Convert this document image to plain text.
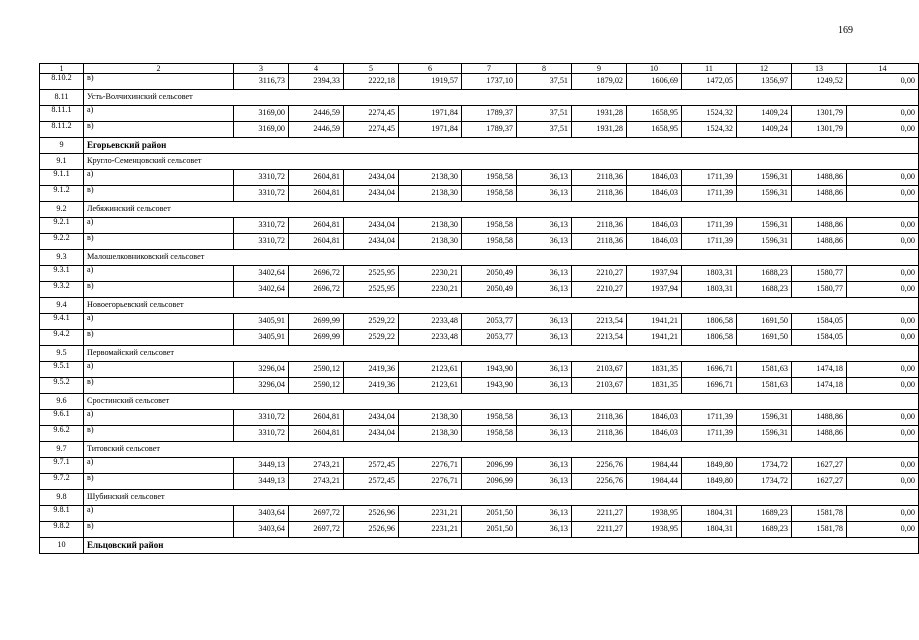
169
1	2	3	4	5	6	7	8	9	10	11	12	13	14
8.10.2	в)	3116,73	2394,33	2222,18	1919,57	1737,10	37,51	1879,02	1606,69	1472,05	1356,97	1249,52	0,00
8.11	Усть-Волчихинский сельсовет												
8.11.1	а)	3169,00	2446,59	2274,45	1971,84	1789,37	37,51	1931,28	1658,95	1524,32	1409,24	1301,79	0,00
8.11.2	в)	3169,00	2446,59	2274,45	1971,84	1789,37	37,51	1931,28	1658,95	1524,32	1409,24	1301,79	0,00
9	Егорьевский район												
9.1	Кругло-Семенцовский сельсовет												
9.1.1	а)	3310,72	2604,81	2434,04	2138,30	1958,58	36,13	2118,36	1846,03	1711,39	1596,31	1488,86	0,00
9.1.2	в)	3310,72	2604,81	2434,04	2138,30	1958,58	36,13	2118,36	1846,03	1711,39	1596,31	1488,86	0,00
9.2	Лебяжинский сельсовет												
9.2.1	а)	3310,72	2604,81	2434,04	2138,30	1958,58	36,13	2118,36	1846,03	1711,39	1596,31	1488,86	0,00
9.2.2	в)	3310,72	2604,81	2434,04	2138,30	1958,58	36,13	2118,36	1846,03	1711,39	1596,31	1488,86	0,00
9.3	Малошелковниковский сельсовет												
9.3.1	а)	3402,64	2696,72	2525,95	2230,21	2050,49	36,13	2210,27	1937,94	1803,31	1688,23	1580,77	0,00
9.3.2	в)	3402,64	2696,72	2525,95	2230,21	2050,49	36,13	2210,27	1937,94	1803,31	1688,23	1580,77	0,00
9.4	Новоегорьевский сельсовет												
9.4.1	а)	3405,91	2699,99	2529,22	2233,48	2053,77	36,13	2213,54	1941,21	1806,58	1691,50	1584,05	0,00
9.4.2	в)	3405,91	2699,99	2529,22	2233,48	2053,77	36,13	2213,54	1941,21	1806,58	1691,50	1584,05	0,00
9.5	Первомайский сельсовет												
9.5.1	а)	3296,04	2590,12	2419,36	2123,61	1943,90	36,13	2103,67	1831,35	1696,71	1581,63	1474,18	0,00
9.5.2	в)	3296,04	2590,12	2419,36	2123,61	1943,90	36,13	2103,67	1831,35	1696,71	1581,63	1474,18	0,00
9.6	Сростинский сельсовет												
9.6.1	а)	3310,72	2604,81	2434,04	2138,30	1958,58	36,13	2118,36	1846,03	1711,39	1596,31	1488,86	0,00
9.6.2	в)	3310,72	2604,81	2434,04	2138,30	1958,58	36,13	2118,36	1846,03	1711,39	1596,31	1488,86	0,00
9.7	Титовский сельсовет												
9.7.1	а)	3449,13	2743,21	2572,45	2276,71	2096,99	36,13	2256,76	1984,44	1849,80	1734,72	1627,27	0,00
9.7.2	в)	3449,13	2743,21	2572,45	2276,71	2096,99	36,13	2256,76	1984,44	1849,80	1734,72	1627,27	0,00
9.8	Шубинский сельсовет												
9.8.1	а)	3403,64	2697,72	2526,96	2231,21	2051,50	36,13	2211,27	1938,95	1804,31	1689,23	1581,78	0,00
9.8.2	в)	3403,64	2697,72	2526,96	2231,21	2051,50	36,13	2211,27	1938,95	1804,31	1689,23	1581,78	0,00
10	Ельцовский район												
